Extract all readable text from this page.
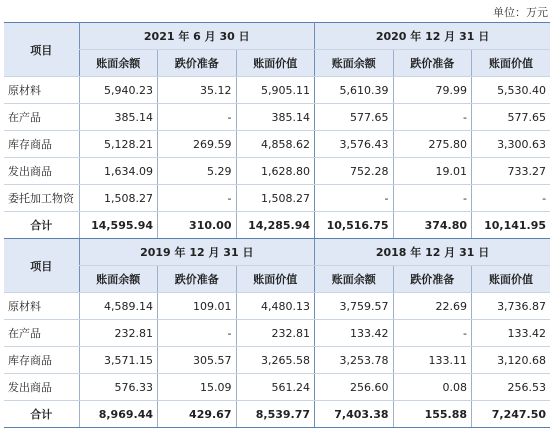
单位：万元
项目	2021 年 6 月 30 日			2020 年 12 月 31 日		
	账面余额	跌价准备	账面价值	账面余额	跌价准备	账面价值
原材料	5,940.23	35.12	5,905.11	5,610.39	79.99	5,530.40
在产品	385.14	-	385.14	577.65	-	577.65
库存商品	5,128.21	269.59	4,858.62	3,576.43	275.80	3,300.63
发出商品	1,634.09	5.29	1,628.80	752.28	19.01	733.27
委托加工物资	1,508.27	-	1,508.27	-	-	-
合计	14,595.94	310.00	14,285.94	10,516.75	374.80	10,141.95
项目	2019 年 12 月 31 日			2018 年 12 月 31 日		
	账面余额	跌价准备	账面价值	账面余额	跌价准备	账面价值
原材料	4,589.14	109.01	4,480.13	3,759.57	22.69	3,736.87
在产品	232.81	-	232.81	133.42	-	133.42
库存商品	3,571.15	305.57	3,265.58	3,253.78	133.11	3,120.68
发出商品	576.33	15.09	561.24	256.60	0.08	256.53
合计	8,969.44	429.67	8,539.77	7,403.38	155.88	7,247.50
